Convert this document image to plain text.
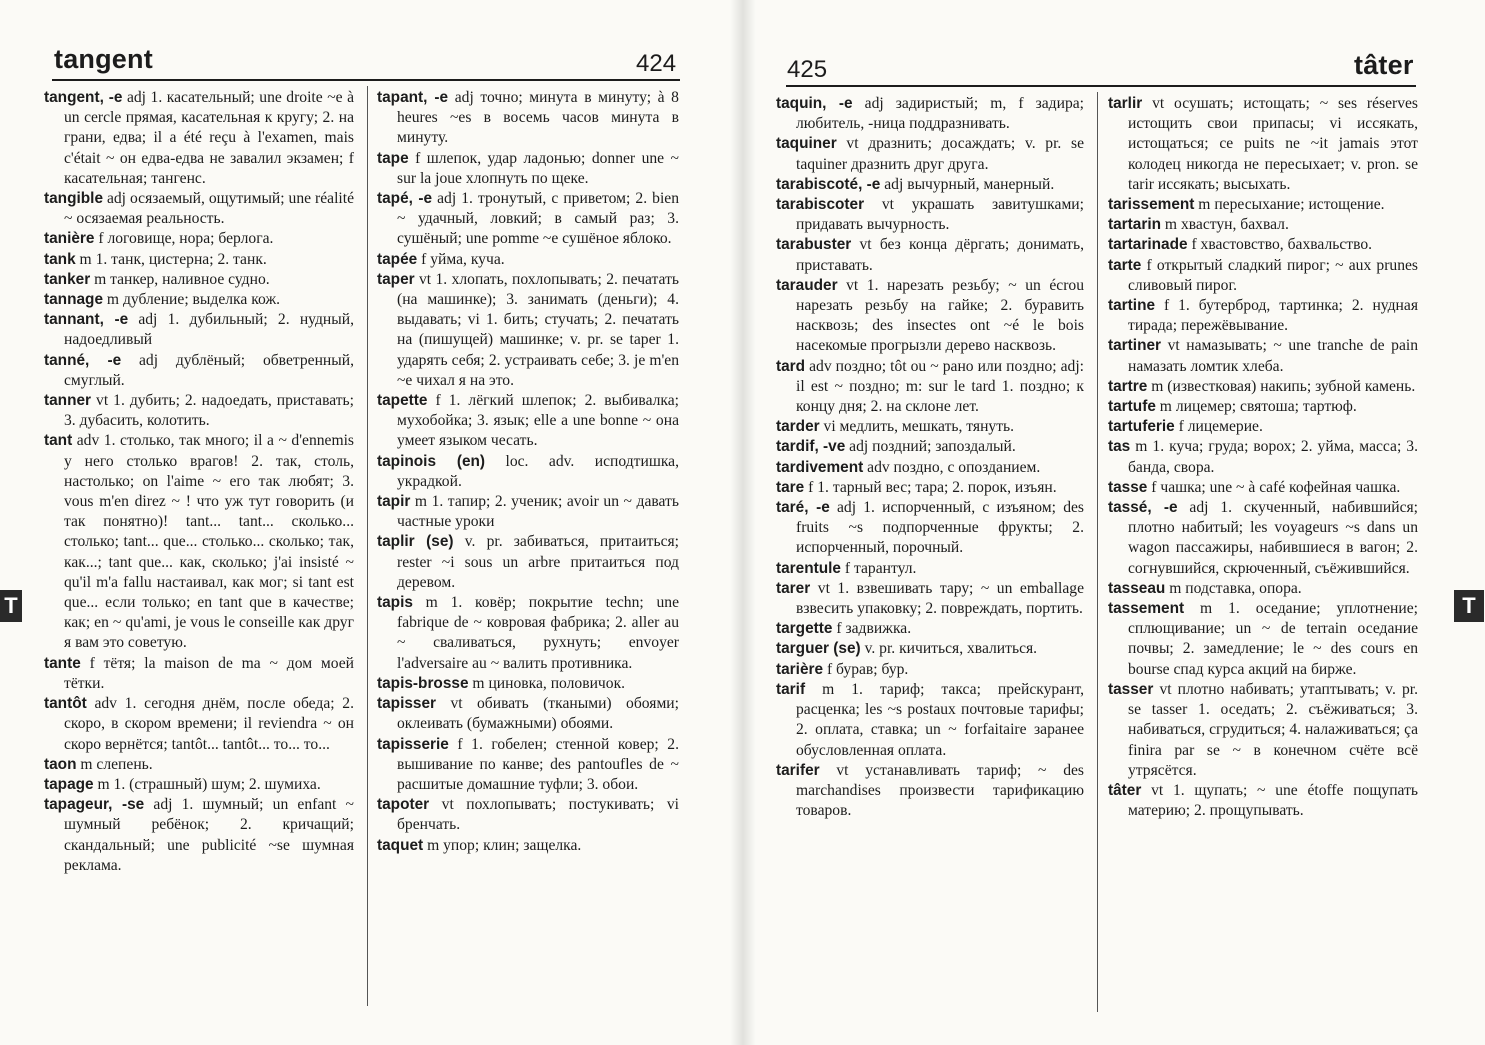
tangent	424

tangent, -e adj 1. касательный; une droite ~e à un cercle прямая, касательная к кругу; 2. на грани, едва; il a été reçu à l'examen, mais c'était ~ он едва-едва не завалил экзамен; f касательная; тангенс.

tangible adj осязаемый, ощутимый; une réalité ~ осязаемая реальность.

tanière f логовище, нора; берлога.

tank m 1. танк, цистерна; 2. танк.

tanker m танкер, наливное судно.

tannage m дубление; выделка кож.

tannant, -e adj 1. дубильный; 2. нудный, надоедливый

tanné, -e adj дублёный; обветренный, смуглый.

tanner vt 1. дубить; 2. надоедать, приставать; 3. дубасить, колотить.

tant adv 1. столько, так много; il a ~ d'ennemis у него столько врагов! 2. так, столь, настолько; on l'aime ~ его так любят; 3. vous m'en direz ~ ! что уж тут говорить (и так понятно)! tant... tant... сколько... столько; tant... que... столько... сколько; так, как...; tant que... как, сколько; j'ai insisté ~ qu'il m'a fallu настаивал, как мог; si tant est que... если только; en tant que в качестве; как; en ~ qu'ami, je vous le conseille как друг я вам это советую.

tante f тётя; la maison de ma ~ дом моей тётки.

tantôt adv 1. сегодня днём, после обеда; 2. скоро, в скором времени; il reviendra ~ он скоро вернётся; tantôt... tantôt... то... то...

taon m слепень.

tapage m 1. (страшный) шум; 2. шумиха.

tapageur, -se adj 1. шумный; un enfant ~ шумный ребёнок; 2. кричащий; скандальный; une publicité ~se шумная реклама.

tapant, -e adj точно; минута в минуту; à 8 heures ~es в восемь часов минута в минуту.

tape f шлепок, удар ладонью; donner une ~ sur la joue хлопнуть по щеке.

tapé, -e adj 1. тронутый, с приветом; 2. bien ~ удачный, ловкий; в самый раз; 3. сушёный; une pomme ~e сушёное яблоко.

tapée f уйма, куча.

taper vt 1. хлопать, похлопывать; 2. печатать (на машинке); 3. занимать (деньги); 4. выдавать; vi 1. бить; стучать; 2. печатать на (пишущей) машинке; v. pr. se taper 1. ударять себя; 2. устраивать себе; 3. je m'en ~e чихал я на это.

tapette f 1. лёгкий шлепок; 2. выбивалка; мухобойка; 3. язык; elle a une bonne ~ она умеет языком чесать.

tapinois (en) loc. adv. исподтишка, украдкой.

tapir m 1. тапир; 2. ученик; avoir un ~ давать частные уроки

taplir (se) v. pr. забиваться, притаиться; rester ~i sous un arbre притаиться под деревом.

tapis m 1. ковёр; покрытие techn; une fabrique de ~ ковровая фабрика; 2. aller au ~ сваливаться, рухнуть; envoyer l'adversaire au ~ валить противника.

tapis-brosse m циновка, половичок.

tapisser vt обивать (ткаными) обоями; оклеивать (бумажными) обоями.

tapisserie f 1. гобелен; стенной ковер; 2. вышивание по канве; des pantoufles de ~ расшитые домашние туфли; 3. обои.

tapoter vt похлопывать; постукивать; vi бренчать.

taquet m упор; клин; защелка.

T
425	tâter

taquin, -e adj задиристый; m, f задира; любитель, -ница поддразнивать.

taquiner vt дразнить; досаждать; v. pr. se taquiner дразнить друг друга.

tarabiscoté, -e adj вычурный, манерный.

tarabiscoter vt украшать завитушками; придавать вычурность.

tarabuster vt без конца дёргать; донимать, приставать.

tarauder vt 1. нарезать резьбу; ~ un écrou нарезать резьбу на гайке; 2. буравить насквозь; des insectes ont ~é le bois насекомые прогрызли дерево насквозь.

tard adv поздно; tôt ou ~ рано или поздно; adj: il est ~ поздно; m: sur le tard 1. поздно; к концу дня; 2. на склоне лет.

tarder vi медлить, мешкать, тянуть.

tardif, -ve adj поздний; запоздалый.

tardivement adv поздно, с опозданием.

tare f 1. тарный вес; тара; 2. порок, изъян.

taré, -e adj 1. испорченный, с изъяном; des fruits ~s подпорченные фрукты; 2. испорченный, порочный.

tarentule f тарантул.

tarer vt 1. взвешивать тару; ~ un emballage взвесить упаковку; 2. повреждать, портить.

targette f задвижка.

targuer (se) v. pr. кичиться, хвалиться.

tarière f бурав; бур.

tarif m 1. тариф; такса; прейскурант, расценка; les ~s postaux почтовые тарифы; 2. оплата, ставка; un ~ forfaitaire заранее обусловленная оплата.

tarifer vt устанавливать тариф; ~ des marchandises произвести тарификацию товаров.

tarlir vt осушать; истощать; ~ ses réserves истощить свои припасы; vi иссякать, истощаться; ce puits ne ~it jamais этот колодец никогда не пересыхает; v. pron. se tarir иссякать; высыхать.

tarissement m пересыхание; истощение.

tartarin m хвастун, бахвал.

tartarinade f хвастовство, бахвальство.

tarte f открытый сладкий пирог; ~ aux prunes сливовый пирог.

tartine f 1. бутерброд, тартинка; 2. нудная тирада; пережёвывание.

tartiner vt намазывать; ~ une tranche de pain намазать ломтик хлеба.

tartre m (известковая) накипь; зубной камень.

tartufe m лицемер; святоша; тартюф.

tartuferie f лицемерие.

tas m 1. куча; груда; ворох; 2. уйма, масса; 3. банда, свора.

tasse f чашка; une ~ à café кофейная чашка.

tassé, -e adj 1. скученный, набившийся; плотно набитый; les voyageurs ~s dans un wagon пассажиры, набившиеся в вагон; 2. согнувшийся, скрюченный, съёжившийся.

tasseau m подставка, опора.

tassement m 1. оседание; уплотнение; сплющивание; un ~ de terrain оседание почвы; 2. замедление; le ~ des cours en bourse спад курса акций на бирже.

tasser vt плотно набивать; утаптывать; v. pr. se tasser 1. оседать; 2. съёживаться; 3. набиваться, сгрудиться; 4. налаживаться; ça finira par se ~ в конечном счёте всё утрясётся.

tâter vt 1. щупать; ~ une étoffe пощупать материю; 2. прощупывать.

T
